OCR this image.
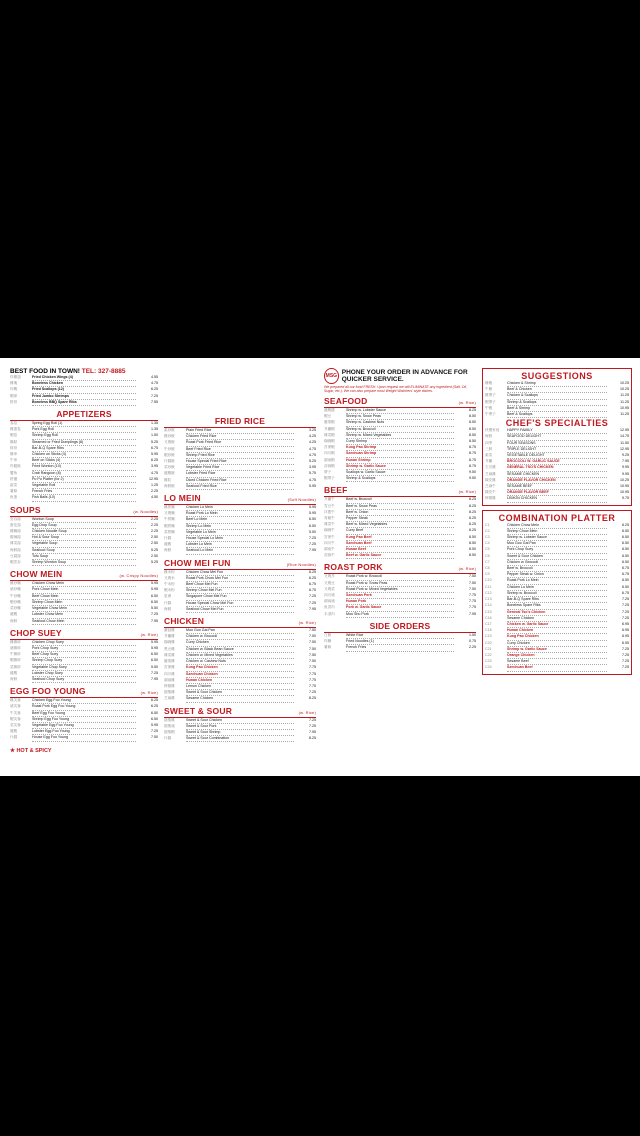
BEST FOOD IN TOWN! TEL: 327-8885
炸雞翅	Fried Chicken Wings (4)	4.55
雞塊	Boneless Chicken	4.75
炸蝦	Fried Scallops (12)	6.25
蝦球	Fried Jumbo Shrimps	7.25
排骨	Boneless BBQ Spare Ribs	7.55
APPETIZERS
春卷	Spring Egg Roll (1)	1.35
雞蛋卷	Pork Egg Roll	1.35
蝦卷	Shrimp Egg Roll	1.50
鍋貼	Steamed or Fried Dumplings (8)	5.25
排骨	Bar-B-Q Spare Ribs	6.75
雞串	Chicken on Sticks (4)	5.95
牛串	Beef on Sticks (4)	6.25
炸餛飩	Fried Wonton (10)	3.95
蟹角	Crab Rangoon (8)	4.75
拼盤	Pu Pu Platter (for 2)	12.95
蔬菜	Vegetable Roll	1.25
薯條	French Fries	2.25
魚蛋	Fish Balls (10)	4.50
SOUPS	(w. Noodles)
雲吞湯	Wonton Soup	2.25
蛋花湯	Egg Drop Soup	2.25
雞麵湯	Chicken Noodle Soup	2.25
酸辣湯	Hot & Sour Soup	2.50
雜菜湯	Vegetable Soup	2.50
海鮮湯	Seafood Soup	5.25
豆腐湯	Tofu Soup	2.50
蝦雲吞	Shrimp Wonton Soup	5.25
CHOW MEIN	(w. Crispy Noodles)
雞炒麵	Chicken Chow Mein	5.95
豬炒麵	Pork Chow Mein	5.95
牛炒麵	Beef Chow Mein	6.50
蝦炒麵	Shrimp Chow Mein	6.50
菜炒麵	Vegetable Chow Mein	5.50
龍蝦	Lobster Chow Mein	7.25
海鮮	Seafood Chow Mein	7.95
CHOP SUEY	(w. Rice)
雞雜碎	Chicken Chop Suey	5.95
豬雜碎	Pork Chop Suey	5.95
牛雜碎	Beef Chop Suey	6.50
蝦雜碎	Shrimp Chop Suey	6.50
菜雜碎	Vegetable Chop Suey	5.50
龍蝦	Lobster Chop Suey	7.25
海鮮	Seafood Chop Suey	7.95
EGG FOO YOUNG	(w. Rice)
雞芙蓉	Chicken Egg Foo Young	6.25
豬芙蓉	Roast Pork Egg Foo Young	6.25
牛芙蓉	Beef Egg Foo Young	6.50
蝦芙蓉	Shrimp Egg Foo Young	6.50
菜芙蓉	Vegetable Egg Foo Young	5.95
龍蝦	Lobster Egg Foo Young	7.25
什錦	House Egg Foo Young	7.50
★ HOT & SPICY
FRIED RICE
素炒飯	Plain Fried Rice	3.25
雞炒飯	Chicken Fried Rice	4.25
叉燒飯	Roast Pork Fried Rice	4.25
牛炒飯	Beef Fried Rice	4.75
蝦炒飯	Shrimp Fried Rice	4.75
什錦飯	House Special Fried Rice	5.25
菜炒飯	Vegetable Fried Rice	3.95
龍蝦飯	Lobster Fried Rice	5.75
雞粒	Diced Chicken Fried Rice	4.75
海鮮飯	Seafood Fried Rice	5.95
LO MEIN	(Soft Noodles)
雞撈麵	Chicken Lo Mein	5.95
叉燒麵	Roast Pork Lo Mein	5.95
牛撈麵	Beef Lo Mein	6.50
蝦撈麵	Shrimp Lo Mein	6.50
菜撈麵	Vegetable Lo Mein	5.50
什錦	House Special Lo Mein	7.25
龍蝦	Lobster Lo Mein	7.25
海鮮	Seafood Lo Mein	7.95
CHOW MEI FUN	(Rice Noodles)
雞米粉	Chicken Chow Mei Fun	6.25
叉燒米	Roast Pork Chow Mei Fun	6.25
牛米粉	Beef Chow Mei Fun	6.75
蝦米粉	Shrimp Chow Mei Fun	6.75
星洲	Singapore Chow Mei Fun	7.25
什錦	House Special Chow Mei Fun	7.25
海鮮	Seafood Chow Mei Fun	7.95
CHICKEN	(w. Rice)
蘑菇雞	Moo Goo Gai Pan	7.50
芥蘭雞	Chicken w. Broccoli	7.50
咖喱雞	Curry Chicken	7.50
黑豆雞	Chicken w. Black Bean Sauce	7.50
雜菜雞	Chicken w. Mixed Vegetables	7.50
腰果雞	Chicken w. Cashew Nuts	7.50
宮保雞	Kung Pao Chicken	7.75
四川雞	Szechuan Chicken	7.75
湖南雞	Hunan Chicken	7.75
檸檬雞	Lemon Chicken	7.75
甜酸雞	Sweet & Sour Chicken	7.25
芝麻雞	Sesame Chicken	8.25
SWEET & SOUR	(w. Rice)
甜酸雞	Sweet & Sour Chicken	7.25
甜酸豬	Sweet & Sour Pork	7.25
甜酸蝦	Sweet & Sour Shrimp	7.95
什錦	Sweet & Sour Combination	8.25
MSG PHONE YOUR ORDER IN ADVANCE FOR QUICKER SERVICE.
We prepared all our food FRESH. Upon request we will ELIMINATE any ingredient (Salt, Oil, Sugar, etc.). We can also prepare most Weight Watchers' style dishes.
SEAFOOD	(w. Rice)
龍蝦醬	Shrimp w. Lobster Sauce	8.25
蝦豆	Shrimp w. Snow Peas	8.50
腰果蝦	Shrimp w. Cashew Nuts	8.50
芥蘭蝦	Shrimp w. Broccoli	8.50
雜菜蝦	Shrimp w. Mixed Vegetables	8.50
咖喱蝦	Curry Shrimp	8.50
宮保蝦	Kung Pao Shrimp	8.75
四川蝦	Szechuan Shrimp	8.75
湖南蝦	Hunan Shrimp	8.75
蒜蓉蝦	Shrimp w. Garlic Sauce	8.75
帶子	Scallops w. Garlic Sauce	9.50
蝦帶子	Shrimp & Scallops	9.50
BEEF	(w. Rice)
芥蘭牛	Beef w. Broccoli	8.25
雪豆牛	Beef w. Snow Peas	8.25
洋蔥牛	Beef w. Onion	8.25
青椒牛	Pepper Steak	8.25
雜菜牛	Beef w. Mixed Vegetables	8.25
咖喱牛	Curry Beef	8.25
宮保牛	Kung Pao Beef	8.50
四川牛	Szechuan Beef	8.50
湖南牛	Hunan Beef	8.50
蒜蓉牛	Beef w. Garlic Sauce	8.50
ROAST PORK	(w. Rice)
叉燒芥	Roast Pork w. Broccoli	7.50
叉燒豆	Roast Pork w. Snow Peas	7.50
叉燒菜	Roast Pork w. Mixed Vegetables	7.50
四川豬	Szechuan Pork	7.75
湖南豬	Hunan Pork	7.75
魚香肉	Pork w. Garlic Sauce	7.75
木須肉	Moo Shu Pork	7.95
SIDE ORDERS
白飯	White Rice	1.50
炸麵	Fried Noodles (1)	0.75
薯條	French Fries	2.25
SUGGESTIONS
雞蝦	Chicken & Shrimp	10.25
牛雞	Beef & Chicken	10.25
雞帶子	Chicken & Scallops	11.25
蝦帶子	Shrimp & Scallops	11.25
牛蝦	Beef & Shrimp	10.95
牛帶子	Beef & Scallops	11.25
CHEF'S SPECIALTIES
快樂家庭	HAPPY FAMILY	12.95
海鮮	SEAFOOD DELIGHT	14.75
四季	FOUR SEASONS	11.50
三鮮	TRIPLE DELIGHT	12.95
素菜	VEGETABLE DELIGHT	9.25
芥蘭	BROCCOLI W. GARLIC SAUCE	7.95
左宗雞	GENERAL TSO'S CHICKEN	9.95
芝麻雞	SESAME CHICKEN	9.95
陳皮雞	ORANGE FLAVOR CHICKEN	10.25
芝麻牛	SESAME BEEF	10.95
陳皮牛	ORANGE FLAVOR BEEF	10.95
檸檬雞	LEMON CHICKEN	9.75
COMBINATION PLATTER
C1	Chicken Chow Mein	6.25
C2	Shrimp Chow Mein	6.50
C3	Shrimp w. Lobster Sauce	6.50
C4	Moo Goo Gai Pan	6.50
C5	Pork Chop Suey	6.50
C6	Sweet & Sour Chicken	6.50
C7	Chicken w. Broccoli	6.50
C8	Beef w. Broccoli	6.75
C9	Pepper Steak w. Onion	6.75
C10	Roast Pork Lo Mein	6.50
C11	Chicken Lo Mein	6.50
C12	Shrimp w. Broccoli	6.75
C13	Bar-B-Q Spare Ribs	7.25
C14	Boneless Spare Ribs	7.25
C15	General Tso's Chicken	7.25
C16	Sesame Chicken	7.25
C17	Chicken w. Garlic Sauce	6.95
C18	Hunan Chicken	6.95
C19	Kung Pao Chicken	6.95
C20	Curry Chicken	6.95
C21	Shrimp w. Garlic Sauce	7.25
C22	Orange Chicken	7.25
C23	Sesame Beef	7.25
C24	Szechuan Beef	7.25
